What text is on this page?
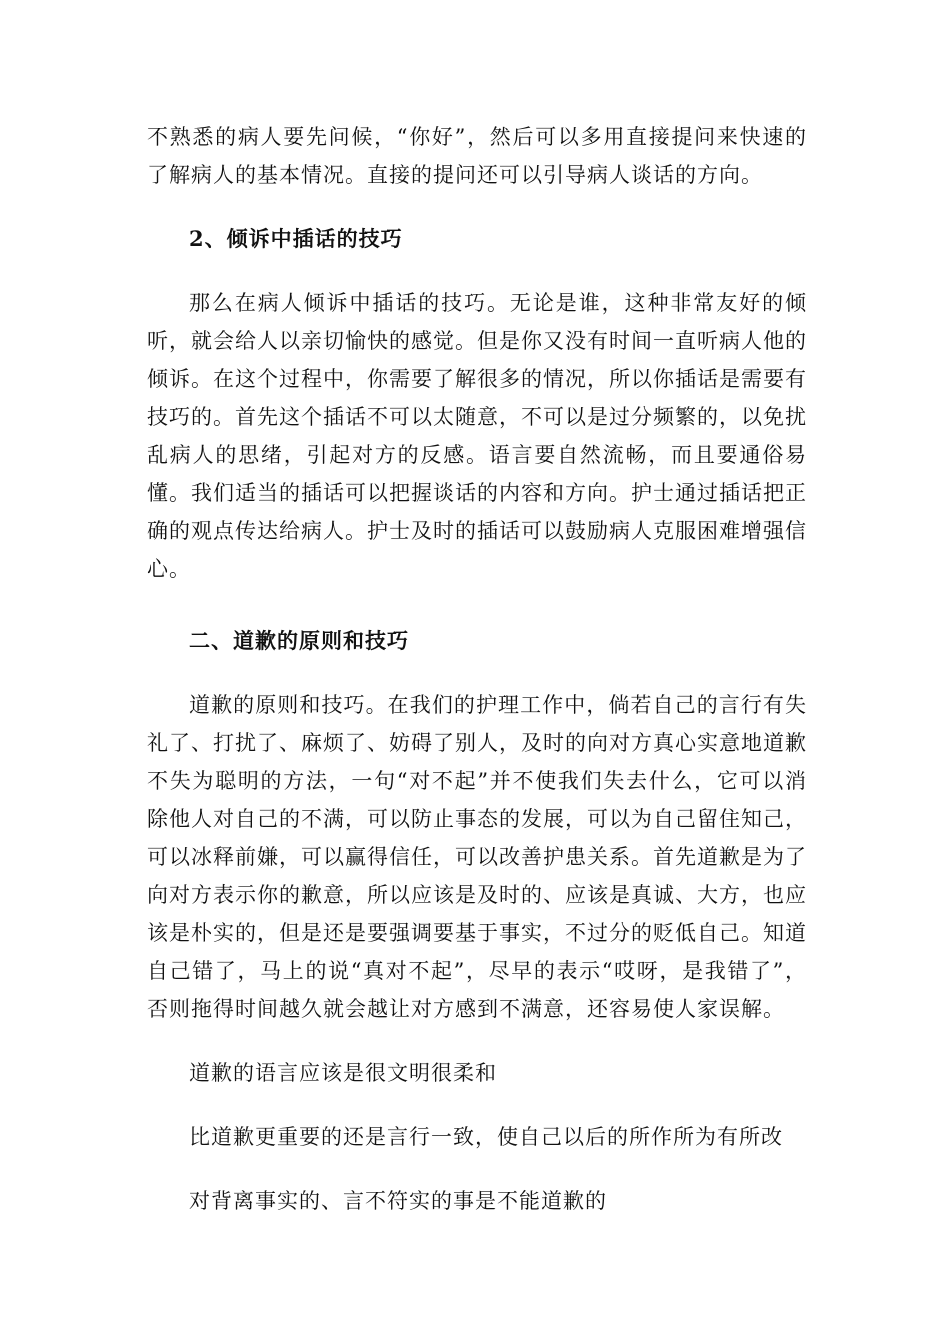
不熟悉的病人要先问候，“你好”，然后可以多用直接提问来快速的了解病人的基本情况。直接的提问还可以引导病人谈话的方向。

2、倾诉中插话的技巧

那么在病人倾诉中插话的技巧。无论是谁，这种非常友好的倾听，就会给人以亲切愉快的感觉。但是你又没有时间一直听病人他的倾诉。在这个过程中，你需要了解很多的情况，所以你插话是需要有技巧的。首先这个插话不可以太随意，不可以是过分频繁的，以免扰乱病人的思绪，引起对方的反感。语言要自然流畅，而且要通俗易懂。我们适当的插话可以把握谈话的内容和方向。护士通过插话把正确的观点传达给病人。护士及时的插话可以鼓励病人克服困难增强信心。

二、道歉的原则和技巧

道歉的原则和技巧。在我们的护理工作中，倘若自己的言行有失礼了、打扰了、麻烦了、妨碍了别人，及时的向对方真心实意地道歉不失为聪明的方法，一句“对不起”并不使我们失去什么，它可以消除他人对自己的不满，可以防止事态的发展，可以为自己留住知己，可以冰释前嫌，可以赢得信任，可以改善护患关系。首先道歉是为了向对方表示你的歉意，所以应该是及时的、应该是真诚、大方，也应该是朴实的，但是还是要强调要基于事实，不过分的贬低自己。知道自己错了，马上的说“真对不起”，尽早的表示“哎呀，是我错了”，否则拖得时间越久就会越让对方感到不满意，还容易使人家误解。

道歉的语言应该是很文明很柔和

比道歉更重要的还是言行一致，使自己以后的所作所为有所改

对背离事实的、言不符实的事是不能道歉的
